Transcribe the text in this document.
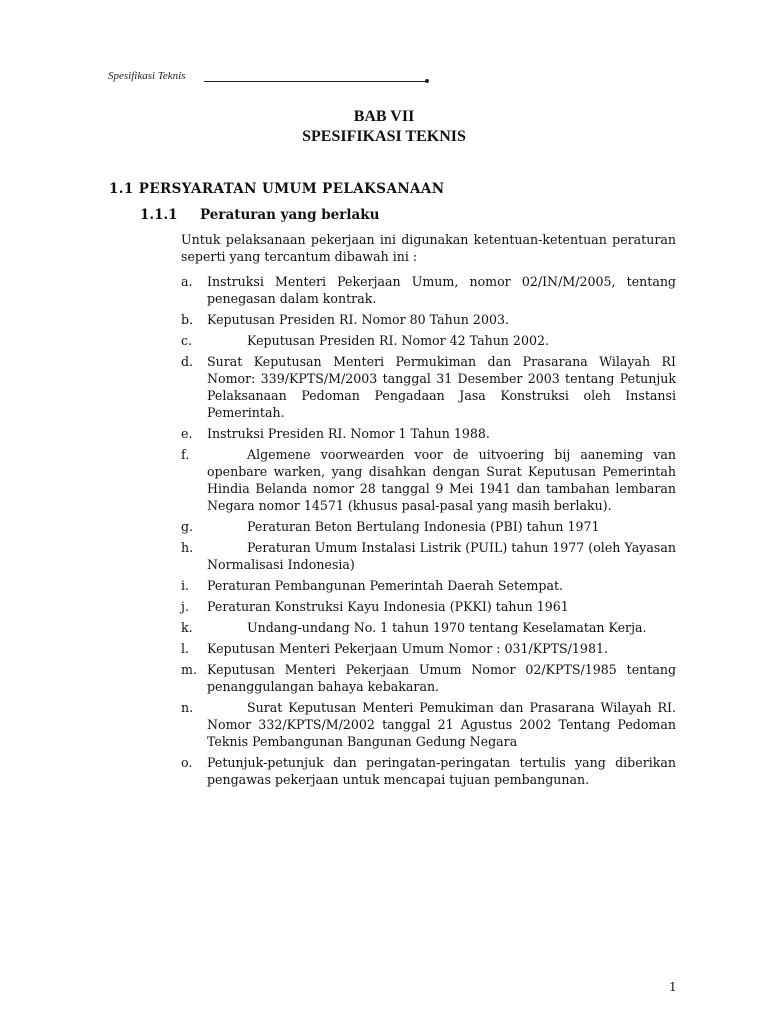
Spesifikasi Teknis
BAB VII
SPESIFIKASI TEKNIS
1.1 PERSYARATAN UMUM PELAKSANAAN
1.1.1 Peraturan yang berlaku
Untuk pelaksanaan pekerjaan ini digunakan ketentuan-ketentuan peraturan seperti yang tercantum dibawah ini :

a. Instruksi Menteri Pekerjaan Umum, nomor 02/IN/M/2005, tentang penegasan dalam kontrak.

b. Keputusan Presiden RI. Nomor 80 Tahun 2003.

c.	Keputusan Presiden RI. Nomor 42 Tahun 2002.

d. Surat Keputusan Menteri Permukiman dan Prasarana Wilayah RI Nomor: 339/KPTS/M/2003 tanggal 31 Desember 2003 tentang Petunjuk Pelaksanaan Pedoman Pengadaan Jasa Konstruksi oleh Instansi Pemerintah.

e. Instruksi Presiden RI. Nomor 1 Tahun 1988.

f.	Algemene voorwearden voor de uitvoering bij aaneming van openbare warken, yang disahkan dengan Surat Keputusan Pemerintah Hindia Belanda nomor 28 tanggal 9 Mei 1941 dan tambahan lembaran Negara nomor 14571 (khusus pasal-pasal yang masih berlaku).

g.	Peraturan Beton Bertulang Indonesia (PBI) tahun 1971

h.	Peraturan Umum Instalasi Listrik (PUIL) tahun 1977 (oleh Yayasan Normalisasi Indonesia)

i. Peraturan Pembangunan Pemerintah Daerah Setempat.

j. Peraturan Konstruksi Kayu Indonesia (PKKI) tahun 1961

k.	Undang-undang No. 1 tahun 1970 tentang Keselamatan Kerja.

l. Keputusan Menteri Pekerjaan Umum Nomor : 031/KPTS/1981.

m. Keputusan Menteri Pekerjaan Umum Nomor 02/KPTS/1985 tentang penanggulangan bahaya kebakaran.

n.	Surat Keputusan Menteri Pemukiman dan Prasarana Wilayah RI. Nomor 332/KPTS/M/2002 tanggal 21 Agustus 2002 Tentang Pedoman Teknis Pembangunan Bangunan Gedung Negara

o. Petunjuk-petunjuk dan peringatan-peringatan tertulis yang diberikan pengawas pekerjaan untuk mencapai tujuan pembangunan.

1
